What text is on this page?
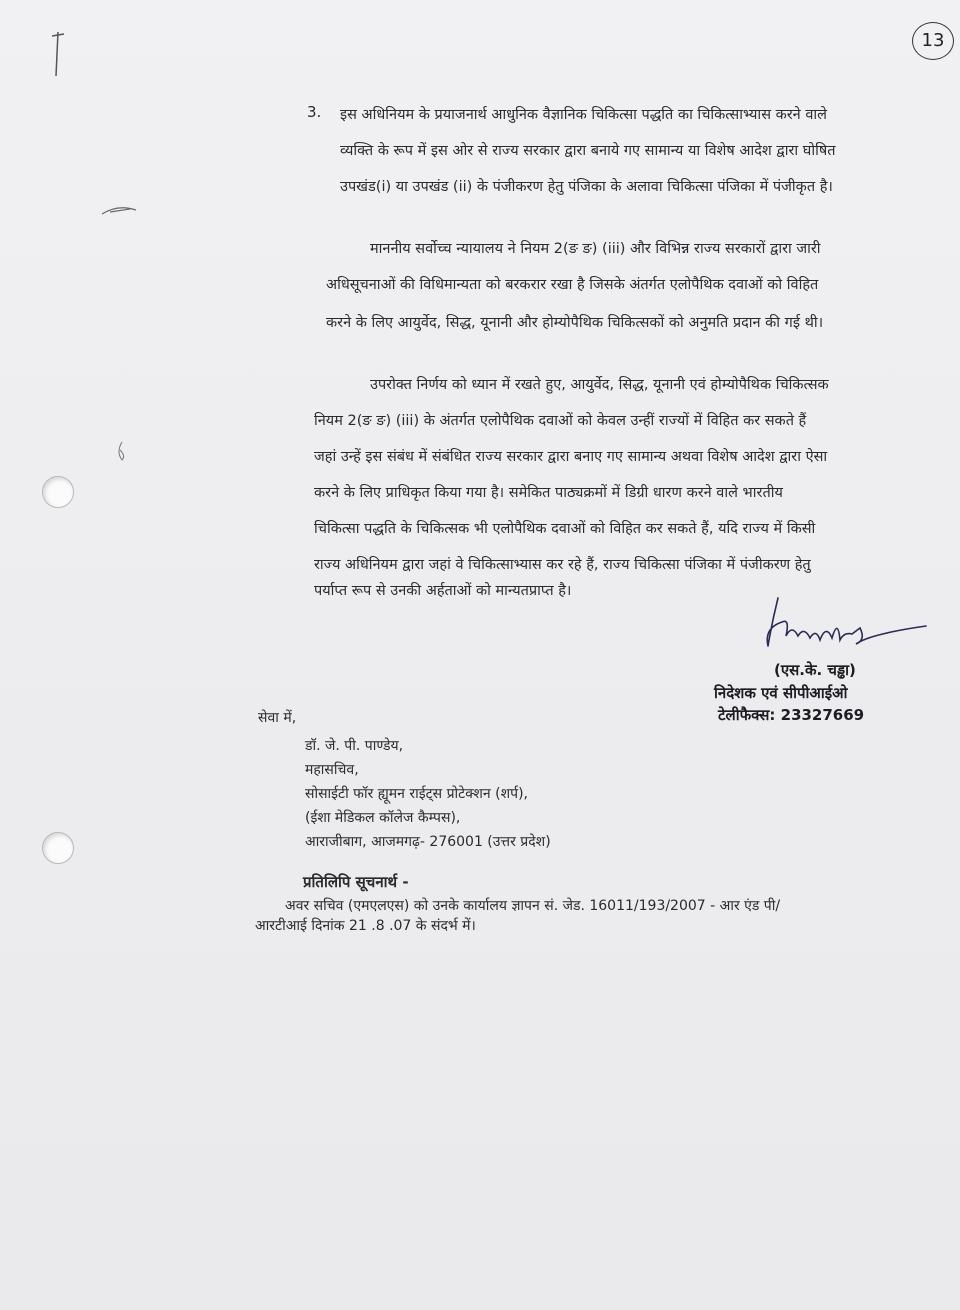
13
3. इस अधिनियम के प्रयाजनार्थ आधुनिक वैज्ञानिक चिकित्सा पद्धति का चिकित्साभ्यास करने वाले
व्यक्ति के रूप में इस ओर से राज्य सरकार द्वारा बनाये गए सामान्य या विशेष आदेश द्वारा घोषित
उपखंड(i) या उपखंड (ii) के पंजीकरण हेतु पंजिका के अलावा चिकित्सा पंजिका में पंजीकृत है।
माननीय सर्वोच्च न्यायालय ने नियम 2(ङ ङ) (iii) और विभिन्न राज्य सरकारों द्वारा जारी
अधिसूचनाओं की विधिमान्यता को बरकरार रखा है जिसके अंतर्गत एलोपैथिक दवाओं को विहित
करने के लिए आयुर्वेद, सिद्ध, यूनानी और होम्योपैथिक चिकित्सकों को अनुमति प्रदान की गई थी।
उपरोक्त निर्णय को ध्यान में रखते हुए, आयुर्वेद, सिद्ध, यूनानी एवं होम्योपैथिक चिकित्सक
नियम 2(ङ ङ) (iii) के अंतर्गत एलोपैथिक दवाओं को केवल उन्हीं राज्यों में विहित कर सकते हैं
जहां उन्हें इस संबंध में संबंधित राज्य सरकार द्वारा बनाए गए सामान्य अथवा विशेष आदेश द्वारा ऐसा
करने के लिए प्राधिकृत किया गया है। समेकित पाठ्यक्रमों में डिग्री धारण करने वाले भारतीय
चिकित्सा पद्धति के चिकित्सक भी एलोपैथिक दवाओं को विहित कर सकते हैं, यदि राज्य में किसी
राज्य अधिनियम द्वारा जहां वे चिकित्साभ्यास कर रहे हैं, राज्य चिकित्सा पंजिका में पंजीकरण हेतु
पर्याप्त रूप से उनकी अर्हताओं को मान्यतप्राप्त है।
(एस.के. चड्ढा)
निदेशक एवं सीपीआईओ
टेलीफैक्स: 23327669
सेवा में,
डॉ. जे. पी. पाण्डेय,
महासचिव,
सोसाईटी फॉर ह्यूमन राईट्स प्रोटेक्शन (शर्प),
(ईशा मेडिकल कॉलेज कैम्पस),
आराजीबाग, आजमगढ़- 276001 (उत्तर प्रदेश)
प्रतिलिपि सूचनार्थ -
अवर सचिव (एमएलएस) को उनके कार्यालय ज्ञापन सं. जेड. 16011/193/2007 - आर एंड पी/
आरटीआई दिनांक 21 .8 .07 के संदर्भ में।
